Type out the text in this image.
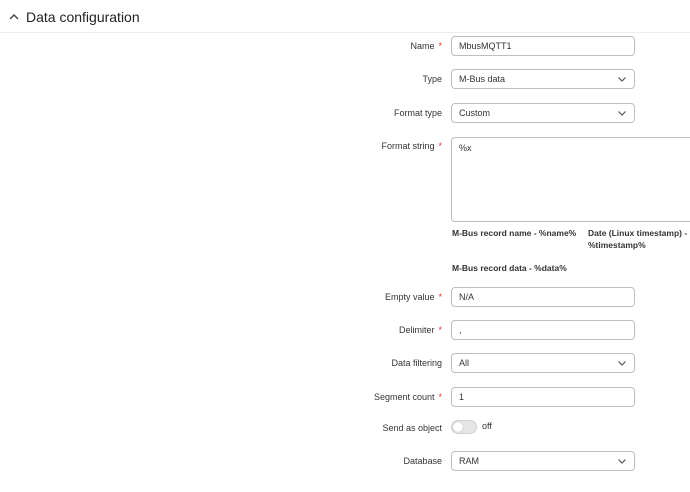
Data configuration
Name * MbusMQTT1
Type M-Bus data
Format type Custom
Format string *	%x
M-Bus record name - %name% Date (Linux timestamp) -
%timestamp%
M-Bus record data - %data%
Empty value * N/A
Delimiter * ,
Data filtering All
Segment count * 1
Send as object	off
Database RAM
